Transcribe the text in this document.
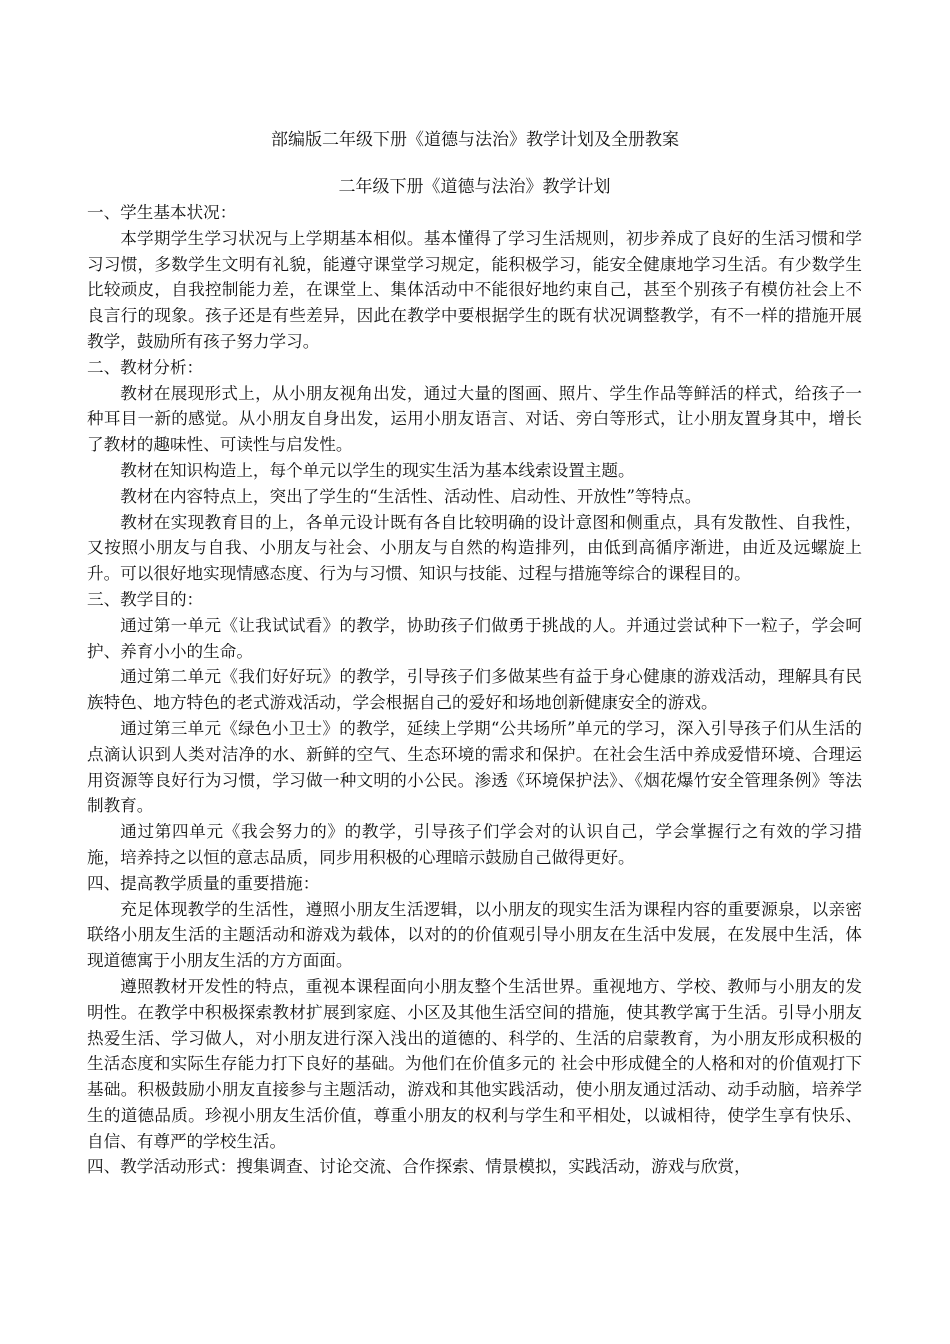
部编版二年级下册《道德与法治》教学计划及全册教案
二年级下册《道德与法治》教学计划
一、学生基本状况：
本学期学生学习状况与上学期基本相似。基本懂得了学习生活规则，初步养成了良好的生活习惯和学习习惯，多数学生文明有礼貌，能遵守课堂学习规定，能积极学习，能安全健康地学习生活。有少数学生比较顽皮，自我控制能力差，在课堂上、集体活动中不能很好地约束自己，甚至个别孩子有模仿社会上不良言行的现象。孩子还是有些差异，因此在教学中要根据学生的既有状况调整教学，有不一样的措施开展教学，鼓励所有孩子努力学习。
二、教材分析：
教材在展现形式上，从小朋友视角出发，通过大量的图画、照片、学生作品等鲜活的样式，给孩子一种耳目一新的感觉。从小朋友自身出发，运用小朋友语言、对话、旁白等形式，让小朋友置身其中，增长了教材的趣味性、可读性与启发性。
教材在知识构造上，每个单元以学生的现实生活为基本线索设置主题。
教材在内容特点上，突出了学生的“生活性、活动性、启动性、开放性”等特点。
教材在实现教育目的上，各单元设计既有各自比较明确的设计意图和侧重点，具有发散性、自我性，又按照小朋友与自我、小朋友与社会、小朋友与自然的构造排列，由低到高循序渐进，由近及远螺旋上升。可以很好地实现情感态度、行为与习惯、知识与技能、过程与措施等综合的课程目的。
三、教学目的：
通过第一单元《让我试试看》的教学，协助孩子们做勇于挑战的人。并通过尝试种下一粒子，学会呵护、养育小小的生命。
通过第二单元《我们好好玩》的教学，引导孩子们多做某些有益于身心健康的游戏活动，理解具有民族特色、地方特色的老式游戏活动，学会根据自己的爱好和场地创新健康安全的游戏。
通过第三单元《绿色小卫士》的教学，延续上学期“公共场所”单元的学习，深入引导孩子们从生活的点滴认识到人类对洁净的水、新鲜的空气、生态环境的需求和保护。在社会生活中养成爱惜环境、合理运用资源等良好行为习惯，学习做一种文明的小公民。渗透《环境保护法》、《烟花爆竹安全管理条例》等法制教育。
通过第四单元《我会努力的》的教学，引导孩子们学会对的认识自己，学会掌握行之有效的学习措施，培养持之以恒的意志品质，同步用积极的心理暗示鼓励自己做得更好。
四、提高教学质量的重要措施：
充足体现教学的生活性，遵照小朋友生活逻辑，以小朋友的现实生活为课程内容的重要源泉，以亲密联络小朋友生活的主题活动和游戏为载体，以对的的价值观引导小朋友在生活中发展，在发展中生活，体现道德寓于小朋友生活的方方面面。
遵照教材开发性的特点，重视本课程面向小朋友整个生活世界。重视地方、学校、教师与小朋友的发明性。在教学中积极探索教材扩展到家庭、小区及其他生活空间的措施，使其教学寓于生活。引导小朋友热爱生活、学习做人，对小朋友进行深入浅出的道德的、科学的、生活的启蒙教育，为小朋友形成积极的生活态度和实际生存能力打下良好的基础。为他们在价值多元的 社会中形成健全的人格和对的价值观打下基础。积极鼓励小朋友直接参与主题活动，游戏和其他实践活动，使小朋友通过活动、动手动脑，培养学生的道德品质。珍视小朋友生活价值，尊重小朋友的权利与学生和平相处，以诚相待，使学生享有快乐、自信、有尊严的学校生活。
四、教学活动形式：搜集调查、讨论交流、合作探索、情景模拟，实践活动，游戏与欣赏，
